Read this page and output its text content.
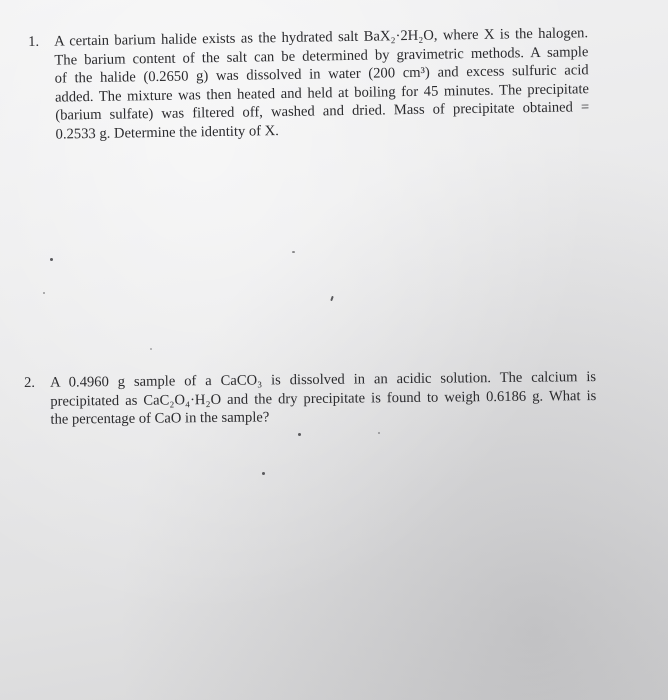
1.	A certain barium halide exists as the hydrated salt BaX₂·2H₂O, where X is the halogen.
The barium content of the salt can be determined by gravimetric methods. A sample
of the halide (0.2650 g) was dissolved in water (200 cm³) and excess sulfuric acid
added. The mixture was then heated and held at boiling for 45 minutes. The precipitate
(barium sulfate) was filtered off, washed and dried. Mass of precipitate obtained =
0.2533 g. Determine the identity of X.
2.	A 0.4960 g sample of a CaCO₃ is dissolved in an acidic solution. The calcium is
precipitated as CaC₂O₄·H₂O and the dry precipitate is found to weigh 0.6186 g. What is
the percentage of CaO in the sample?
